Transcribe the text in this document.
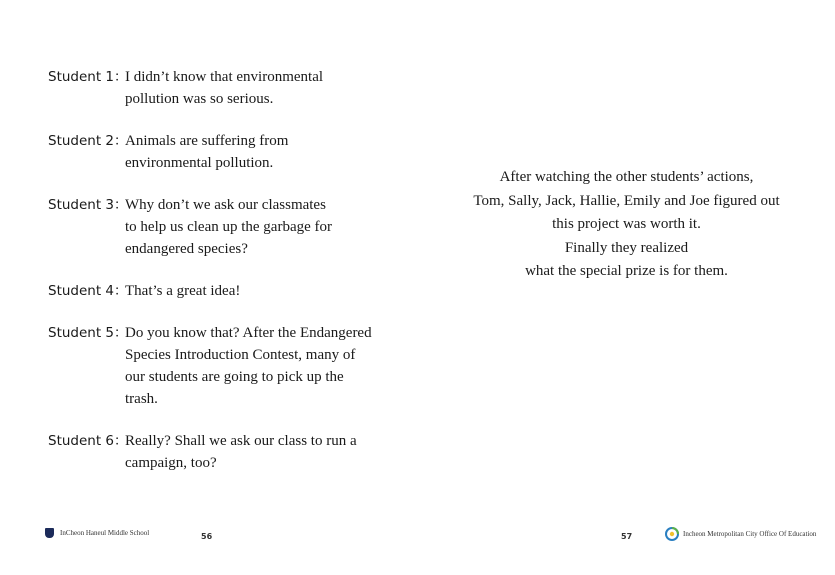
Student 1：
I didn’t know that environmental
pollution was so serious.
Student 2：
Animals are suffering from
environmental pollution.
Student 3：
Why don’t we ask our classmates
to help us clean up the garbage for
endangered species?
Student 4：
That’s a great idea!
Student 5：
Do you know that? After the Endangered
Species Introduction Contest, many of
our students are going to pick up the
trash.
Student 6：
Really? Shall we ask our class to run a
campaign, too?
InCheon Haneul Middle School	56

After watching the other students’ actions,

Tom, Sally, Jack, Hallie, Emily and Joe figured out

this project was worth it.

Finally they realized

what the special prize is for them.

57	Incheon Metropolitan City Office Of Education
